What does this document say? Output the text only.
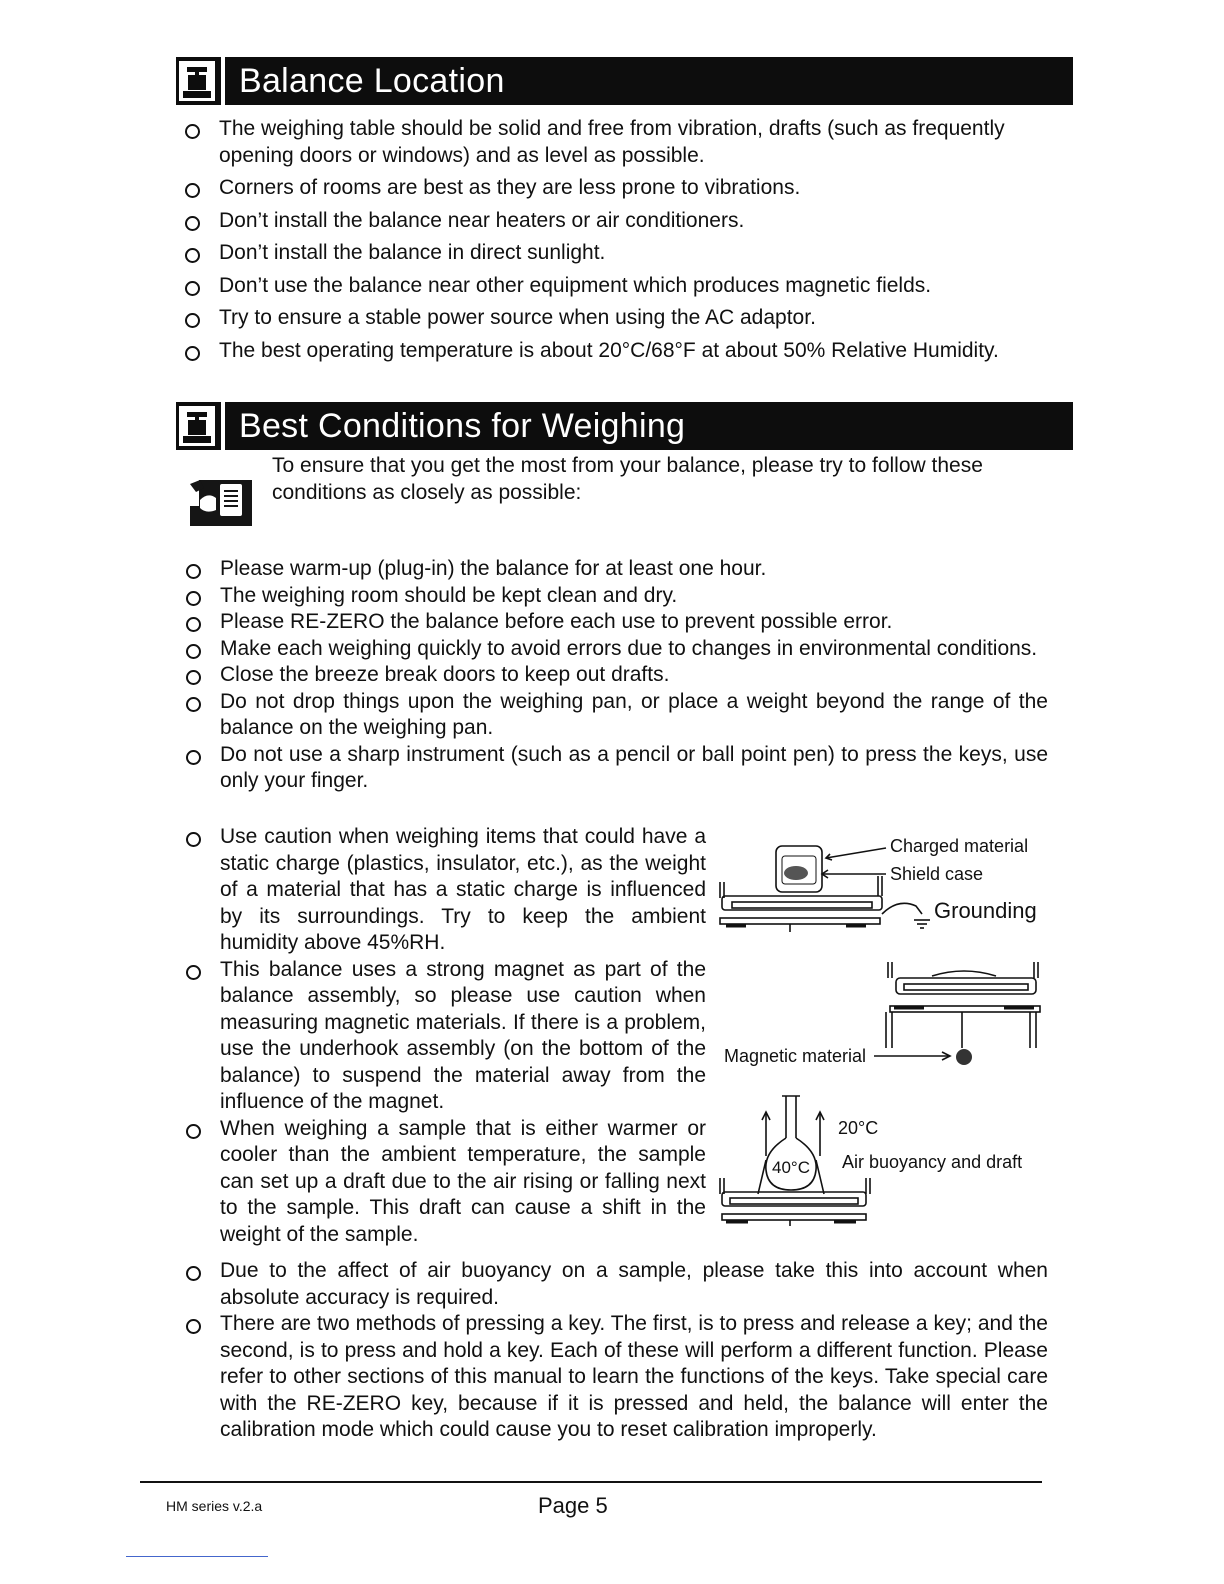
Balance Location
The weighing table should be solid and free from vibration, drafts (such as frequently opening doors or windows) and as level as possible.
Corners of rooms are best as they are less prone to vibrations.
Don’t install the balance near heaters or air conditioners.
Don’t install the balance in direct sunlight.
Don’t use the balance near other equipment which produces magnetic fields.
Try to ensure a stable power source when using the AC adaptor.
The best operating temperature is about 20°C/68°F at about 50% Relative Humidity.
Best Conditions for Weighing
To ensure that you get the most from your balance, please try to follow these conditions as closely as possible:
Please warm-up (plug-in) the balance for at least one hour.
The weighing room should be kept clean and dry.
Please RE-ZERO the balance before each use to prevent possible error.
Make each weighing quickly to avoid errors due to changes in environmental conditions.
Close the breeze break doors to keep out drafts.
Do not drop things upon the weighing pan, or place a weight beyond the range of the balance on the weighing pan.
Do not use a sharp instrument (such as a pencil or ball point pen) to press the keys, use only your finger.
Use caution when weighing items that could have a static charge (plastics, insulator, etc.), as the weight of a material that has a static charge is influenced by its surroundings. Try to keep the ambient humidity above 45%RH.
This balance uses a strong magnet as part of the balance assembly, so please use caution when measuring magnetic materials. If there is a problem, use the underhook assembly (on the bottom of the balance) to suspend the material away from the influence of the magnet.
When weighing a sample that is either warmer or cooler than the ambient temperature, the sample can set up a draft due to the air rising or falling next to the sample. This draft can cause a shift in the weight of the sample.
Due to the affect of air buoyancy on a sample, please take this into account when absolute accuracy is required.
There are two methods of pressing a key. The first, is to press and release a key; and the second, is to press and hold a key. Each of these will perform a different function. Please refer to other sections of this manual to learn the functions of the keys. Take special care with the RE-ZERO key, because if it is pressed and held, the balance will enter the calibration mode which could cause you to reset calibration improperly.
Charged material
Shield case
Grounding
Magnetic material
40°C
20°C
Air buoyancy and draft
HM series v.2.a	Page 5
